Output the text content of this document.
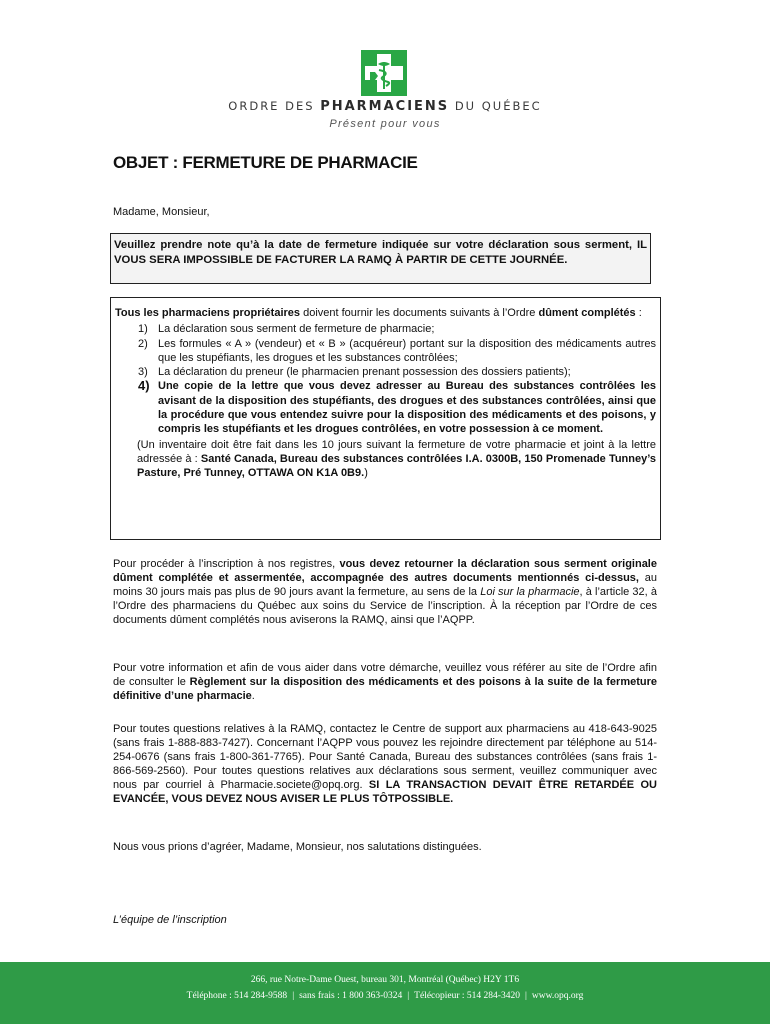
ORDRE DES PHARMACIENS DU QUÉBEC
Présent pour vous
OBJET : FERMETURE DE PHARMACIE
Madame, Monsieur,
Veuillez prendre note qu’à la date de fermeture indiquée sur votre déclaration sous serment, IL VOUS SERA IMPOSSIBLE DE FACTURER LA RAMQ À PARTIR DE CETTE JOURNÉE.
Tous les pharmaciens propriétaires doivent fournir les documents suivants à l’Ordre dûment complétés :
1) La déclaration sous serment de fermeture de pharmacie;
2) Les formules « A » (vendeur) et « B » (acquéreur) portant sur la disposition des médicaments autres que les stupéfiants, les drogues et les substances contrôlées;
3) La déclaration du preneur (le pharmacien prenant possession des dossiers patients);
4) Une copie de la lettre que vous devez adresser au Bureau des substances contrôlées les avisant de la disposition des stupéfiants, des drogues et des substances contrôlées, ainsi que la procédure que vous entendez suivre pour la disposition des médicaments et des poisons, y compris les stupéfiants et les drogues contrôlées, en votre possession à ce moment.
(Un inventaire doit être fait dans les 10 jours suivant la fermeture de votre pharmacie et joint à la lettre adressée à : Santé Canada, Bureau des substances contrôlées I.A. 0300B, 150 Promenade Tunney’s Pasture, Pré Tunney, OTTAWA ON K1A 0B9.)
Pour procéder à l’inscription à nos registres, vous devez retourner la déclaration sous serment originale dûment complétée et assermentée, accompagnée des autres documents mentionnés ci-dessus, au moins 30 jours mais pas plus de 90 jours avant la fermeture, au sens de la Loi sur la pharmacie, à l’article 32, à l’Ordre des pharmaciens du Québec aux soins du Service de l’inscription. À la réception par l’Ordre de ces documents dûment complétés nous aviserons la RAMQ, ainsi que l’AQPP.
Pour votre information et afin de vous aider dans votre démarche, veuillez vous référer au site de l’Ordre afin de consulter le Règlement sur la disposition des médicaments et des poisons à la suite de la fermeture définitive d’une pharmacie.
Pour toutes questions relatives à la RAMQ, contactez le Centre de support aux pharmaciens au 418-643-9025 (sans frais 1-888-883-7427). Concernant l’AQPP vous pouvez les rejoindre directement par téléphone au 514-254-0676 (sans frais 1-800-361-7765). Pour Santé Canada, Bureau des substances contrôlées (sans frais 1-866-569-2560). Pour toutes questions relatives aux déclarations sous serment, veuillez communiquer avec nous par courriel à Pharmacie.societe@opq.org. SI LA TRANSACTION DEVAIT ÊTRE RETARDÉE OU EVANCÉE, VOUS DEVEZ NOUS AVISER LE PLUS TÔTPOSSIBLE.
Nous vous prions d’agréer, Madame, Monsieur, nos salutations distinguées.
L’équipe de l’inscription
266, rue Notre-Dame Ouest, bureau 301, Montréal (Québec) H2Y 1T6
Téléphone : 514 284-9588 | sans frais : 1 800 363-0324 | Télécopieur : 514 284-3420 | www.opq.org
